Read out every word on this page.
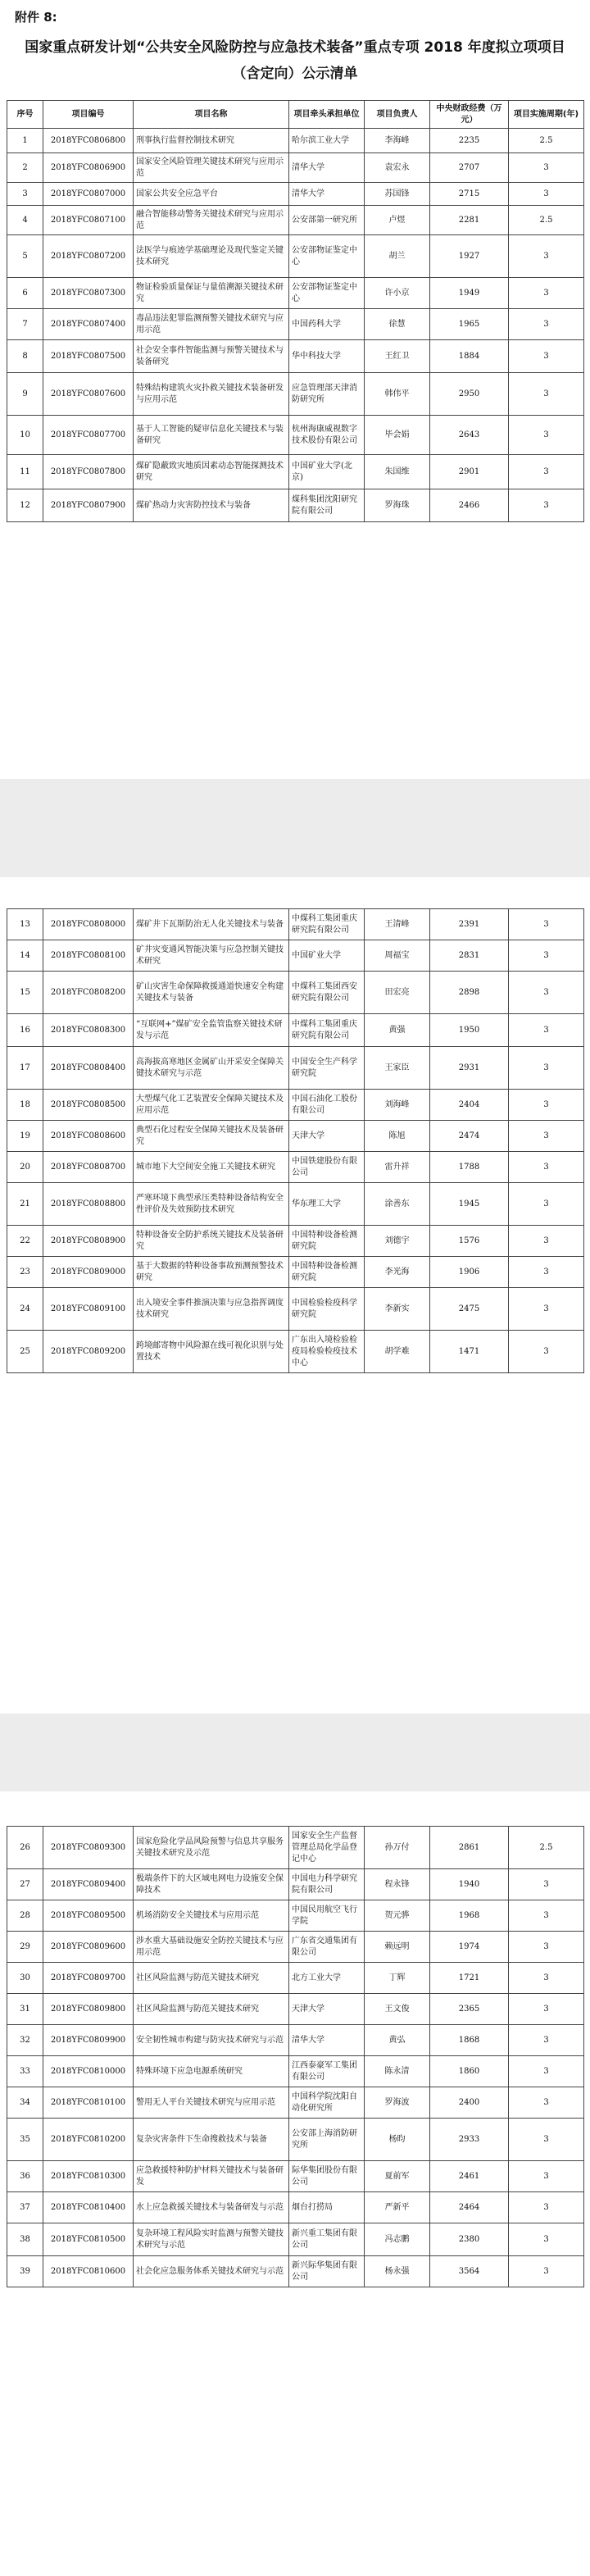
附件 8:
国家重点研发计划“公共安全风险防控与应急技术装备”重点专项 2018 年度拟立项项目（含定向）公示清单
序号	项目编号	项目名称	项目牵头承担单位	项目负责人	中央财政经费（万元）	项目实施周期(年)
1	2018YFC0806800	刑事执行监督控制技术研究	哈尔滨工业大学	李海峰	2235	2.5
2	2018YFC0806900	国家安全风险管理关键技术研究与应用示范	清华大学	袁宏永	2707	3
3	2018YFC0807000	国家公共安全应急平台	清华大学	苏国锋	2715	3
4	2018YFC0807100	融合智能移动警务关键技术研究与应用示范	公安部第一研究所	卢煜	2281	2.5
5	2018YFC0807200	法医学与痕迹学基础理论及现代鉴定关键技术研究	公安部物证鉴定中心	胡兰	1927	3
6	2018YFC0807300	物证检验质量保证与量值溯源关键技术研究	公安部物证鉴定中心	许小京	1949	3
7	2018YFC0807400	毒品违法犯罪监测预警关键技术研究与应用示范	中国药科大学	徐慧	1965	3
8	2018YFC0807500	社会安全事件智能监测与预警关键技术与装备研究	华中科技大学	王红卫	1884	3
9	2018YFC0807600	特殊结构建筑火灾扑救关键技术装备研发与应用示范	应急管理部天津消防研究所	韩伟平	2950	3
10	2018YFC0807700	基于人工智能的疑审信息化关键技术与装备研究	杭州海康威视数字技术股份有限公司	毕会娟	2643	3
11	2018YFC0807800	煤矿隐蔽致灾地质因素动态智能探测技术研究	中国矿业大学(北京)	朱国维	2901	3
12	2018YFC0807900	煤矿热动力灾害防控技术与装备	煤科集团沈阳研究院有限公司	罗海珠	2466	3
13	2018YFC0808000	煤矿井下瓦斯防治无人化关键技术与装备	中煤科工集团重庆研究院有限公司	王清峰	2391	3
14	2018YFC0808100	矿井灾变通风智能决策与应急控制关键技术研究	中国矿业大学	周福宝	2831	3
15	2018YFC0808200	矿山灾害生命保障救援通道快速安全构建关键技术与装备	中煤科工集团西安研究院有限公司	田宏亮	2898	3
16	2018YFC0808300	“互联网+”煤矿安全监管监察关键技术研发与示范	中煤科工集团重庆研究院有限公司	黄强	1950	3
17	2018YFC0808400	高海拔高寒地区金属矿山开采安全保障关键技术研究与示范	中国安全生产科学研究院	王家臣	2931	3
18	2018YFC0808500	大型煤气化工艺装置安全保障关键技术及应用示范	中国石油化工股份有限公司	刘海峰	2404	3
19	2018YFC0808600	典型石化过程安全保障关键技术及装备研究	天津大学	陈旭	2474	3
20	2018YFC0808700	城市地下大空间安全施工关键技术研究	中国铁建股份有限公司	雷升祥	1788	3
21	2018YFC0808800	严寒环境下典型承压类特种设备结构安全性评价及失效预防技术研究	华东理工大学	涂善东	1945	3
22	2018YFC0808900	特种设备安全防护系统关键技术及装备研究	中国特种设备检测研究院	刘德宇	1576	3
23	2018YFC0809000	基于大数据的特种设备事故预测预警技术研究	中国特种设备检测研究院	李光海	1906	3
24	2018YFC0809100	出入境安全事件推演决策与应急指挥调度技术研究	中国检验检疫科学研究院	李新实	2475	3
25	2018YFC0809200	跨境邮寄物中风险源在线可视化识别与处置技术	广东出入境检验检疫局检验检疫技术中心	胡学难	1471	3
26	2018YFC0809300	国家危险化学品风险预警与信息共享服务关键技术研究及示范	国家安全生产监督管理总局化学品登记中心	孙万付	2861	2.5
27	2018YFC0809400	极端条件下的大区域电网电力设施安全保障技术	中国电力科学研究院有限公司	程永锋	1940	3
28	2018YFC0809500	机场消防安全关键技术与应用示范	中国民用航空飞行学院	贺元骅	1968	3
29	2018YFC0809600	涉水重大基础设施安全防控关键技术与应用示范	广东省交通集团有限公司	赖远明	1974	3
30	2018YFC0809700	社区风险监测与防范关键技术研究	北方工业大学	丁辉	1721	3
31	2018YFC0809800	社区风险监测与防范关键技术研究	天津大学	王文俊	2365	3
32	2018YFC0809900	安全韧性城市构建与防灾技术研究与示范	清华大学	黄弘	1868	3
33	2018YFC0810000	特殊环境下应急电源系统研究	江西泰豪军工集团有限公司	陈永清	1860	3
34	2018YFC0810100	警用无人平台关键技术研究与应用示范	中国科学院沈阳自动化研究所	罗海波	2400	3
35	2018YFC0810200	复杂灾害条件下生命搜救技术与装备	公安部上海消防研究所	杨昀	2933	3
36	2018YFC0810300	应急救援特种防护材料关键技术与装备研发	际华集团股份有限公司	夏前军	2461	3
37	2018YFC0810400	水上应急救援关键技术与装备研发与示范	烟台打捞局	严新平	2464	3
38	2018YFC0810500	复杂环境工程风险实时监测与预警关键技术研究与示范	新兴重工集团有限公司	冯志鹏	2380	3
39	2018YFC0810600	社会化应急服务体系关键技术研究与示范	新兴际华集团有限公司	杨永强	3564	3
